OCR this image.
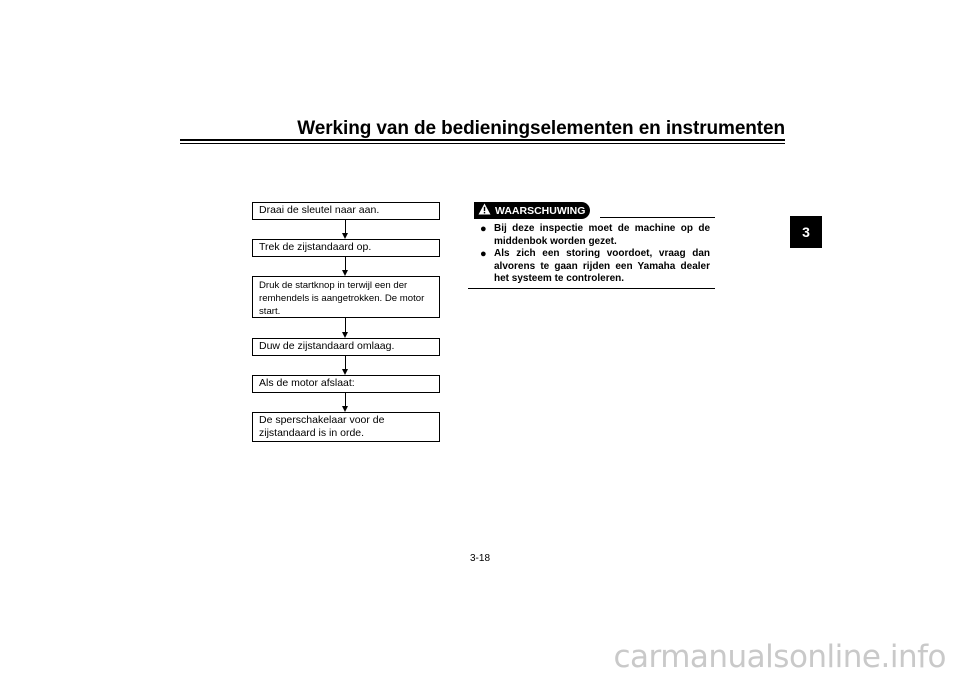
Werking van de bedieningselementen en instrumenten
3
Draai de sleutel naar aan.
Trek de zijstandaard op.
Druk de startknop in terwijl een der remhendels is aangetrokken. De motor start.
Duw de zijstandaard omlaag.
Als de motor afslaat:
De sperschakelaar voor de zijstandaard is in orde.
WAARSCHUWING
● Bij deze inspectie moet de machine op de middenbok worden gezet.
● Als zich een storing voordoet, vraag dan alvorens te gaan rijden een Yamaha dealer het systeem te controleren.
3-18
carmanualsonline.info
